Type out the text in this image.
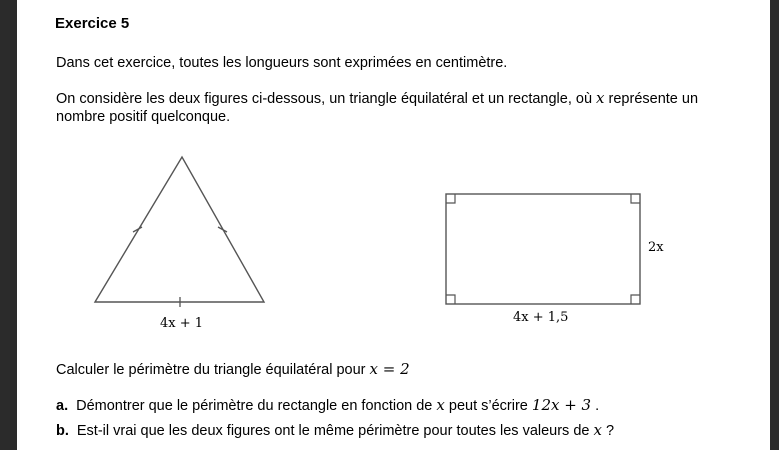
Exercice 5
Dans cet exercice, toutes les longueurs sont exprimées en centimètre.
On considère les deux figures ci-dessous, un triangle équilatéral et un rectangle, où x représente un
nombre positif quelconque.
4x + 1	4x + 1,5
2x
Calculer le périmètre du triangle équilatéral pour x = 2
a. Démontrer que le périmètre du rectangle en fonction de x peut s’écrire 12x + 3 .
b. Est-il vrai que les deux figures ont le même périmètre pour toutes les valeurs de x ?
